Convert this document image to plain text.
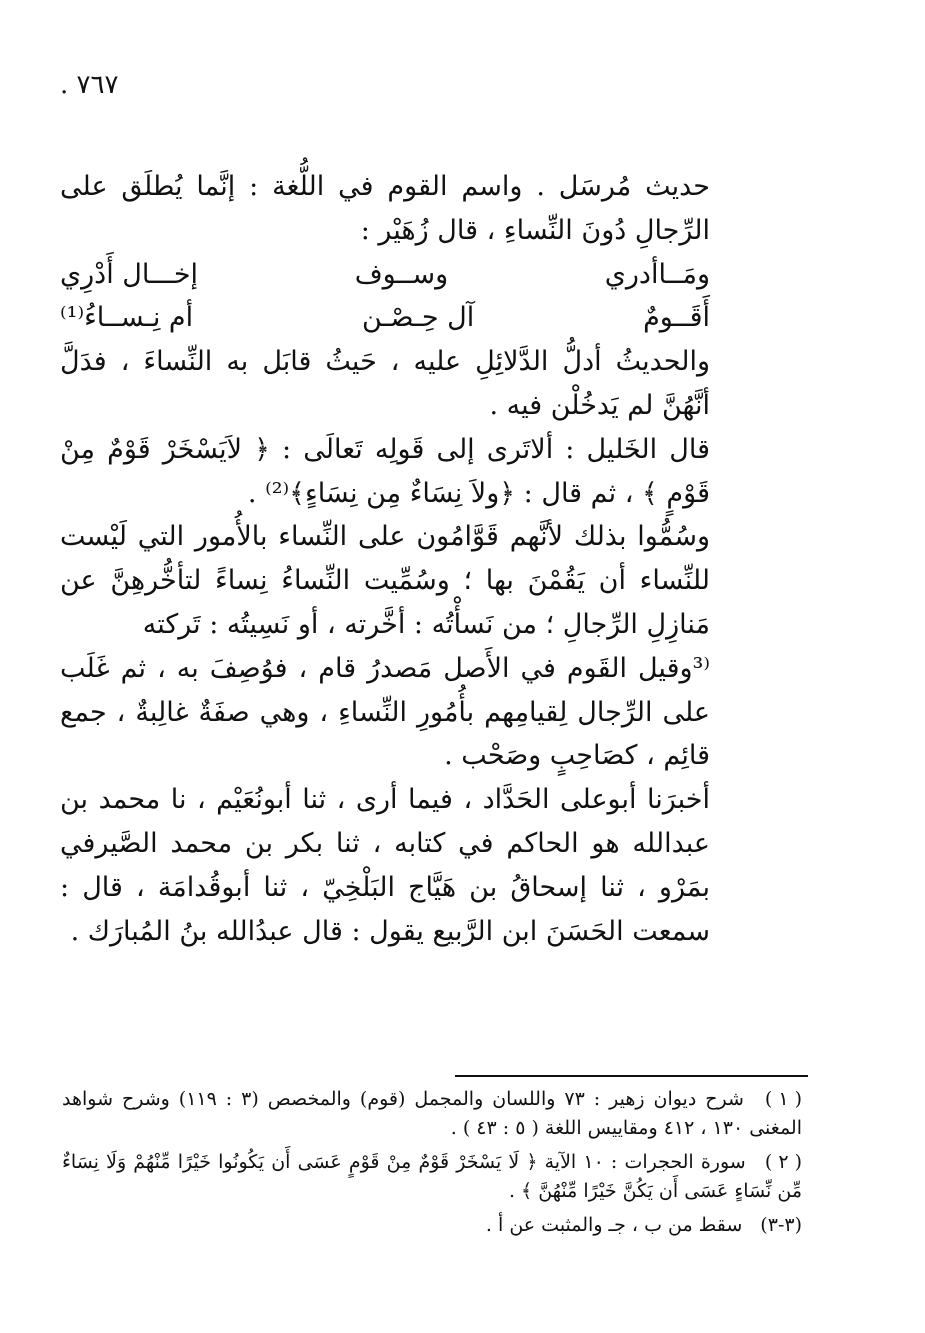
٧٦٧ .

حديث مُرسَل . واسم القوم في اللُّغة : إنَّما يُطلَق على الرِّجالِ دُونَ النِّساءِ ، قال زُهَيْر :

ومَــاأدري
وســوف
إخـــال أَدْرِي
أَقَــومٌ
آل حِـصْـن
أم نِـســاءُ⁽¹⁾

والحديثُ أدلُّ الدَّلائِلِ عليه ، حَيثُ قابَل به النِّساءَ ، فدَلَّ أنَّهُنَّ لم يَدخُلْن فيه .

قال الخَليل : ألاتَرى إلى قَولِه تَعالَى : ﴿ لاَيَسْخَرْ قَوْمٌ مِنْ قَوْمٍ ﴾ ، ثم قال : ﴿ولاَ نِسَاءٌ مِن نِسَاءٍ﴾⁽²⁾ .

وسُمُّوا بذلك لأنَّهم قَوَّامُون على النِّساء بالأُمور التي لَيْست للنِّساء أن يَقُمْنَ بها ؛ وسُمِّيت النِّساءُ نِساءً لتأخُّرهِنَّ عن مَنازِلِ الرِّجالِ ؛ من نَسأْتُه : أخَّرته ، أو نَسِيتُه : تَركته

⁽³وقيل القَوم في الأَصل مَصدرُ قام ، فوُصِفَ به ، ثم غَلَب على الرِّجال لِقيامِهم بأُمُورِ النِّساءِ ، وهي صفَةٌ غالِبةٌ ، جمع قائِم ، كصَاحِبٍ وصَحْب .

أخبرَنا أبوعلى الحَدَّاد ، فيما أرى ، ثنا أبونُعَيْم ، نا محمد بن عبدالله هو الحاكم في كتابه ، ثنا بكر بن محمد الصَّيرفي بمَرْو ، ثنا إسحاقُ بن هَيَّاج البَلْخِيّ ، ثنا أبوقُدامَة ، قال : سمعت الحَسَنَ ابن الرَّبيع يقول : قال عبدُالله بنُ المُبارَك .

( ١ ) شرح ديوان زهير : ٧٣ واللسان والمجمل (قوم) والمخصص (٣ : ١١٩) وشرح شواهد المغنى ١٣٠ ، ٤١٢ ومقاييس اللغة ( ٥ : ٤٣ ) .

( ٢ ) سورة الحجرات : ١٠ الآية ﴿ لَا يَسْخَرْ قَوْمٌ مِنْ قَوْمٍ عَسَى أَن يَكُونُوا خَيْرًا مِّنْهُمْ وَلَا نِسَاءٌ مِّن نِّسَاءٍ عَسَى أَن يَكُنَّ خَيْرًا مِّنْهُنَّ ﴾ .

(٣-٣) سقط من ب ، جـ والمثبت عن أ .
